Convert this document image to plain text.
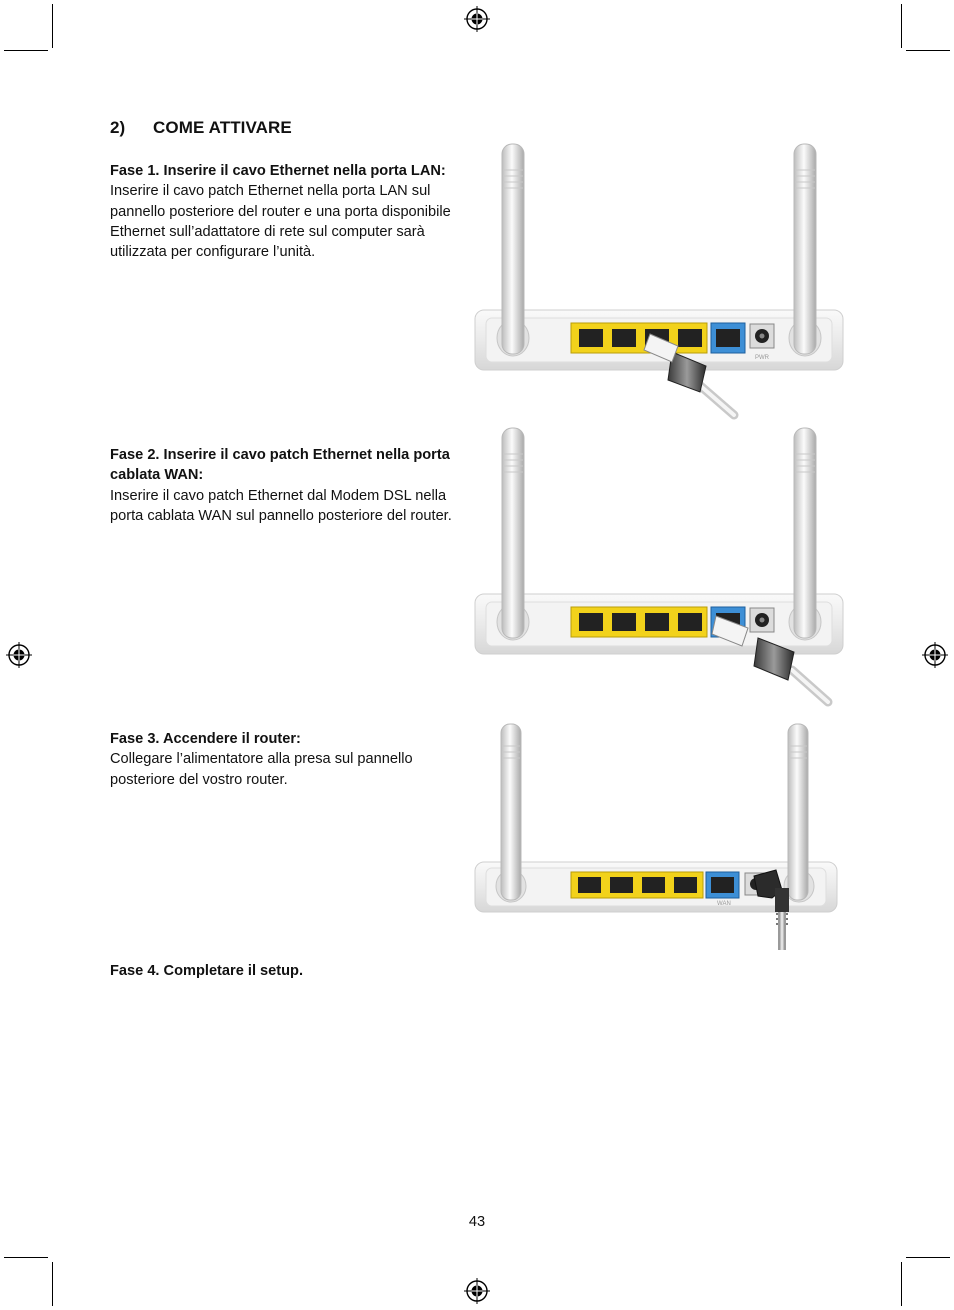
2) COME ATTIVARE

Fase 1. Inserire il cavo Ethernet nella porta LAN:

Inserire il cavo patch Ethernet nella porta LAN sul pannello posteriore del router e una porta disponibile Ethernet sull’adattatore di rete sul computer sarà utilizzata per configurare l’unità.

Fase 2. Inserire il cavo patch Ethernet nella porta cablata WAN:

Inserire il cavo patch Ethernet dal Modem DSL nella porta cablata WAN sul pannello posteriore del router.

Fase 3. Accendere il router:

Collegare l’alimentatore alla presa sul pannello posteriore del vostro router.

Fase 4. Completare il setup.

PWR
WAN
43
